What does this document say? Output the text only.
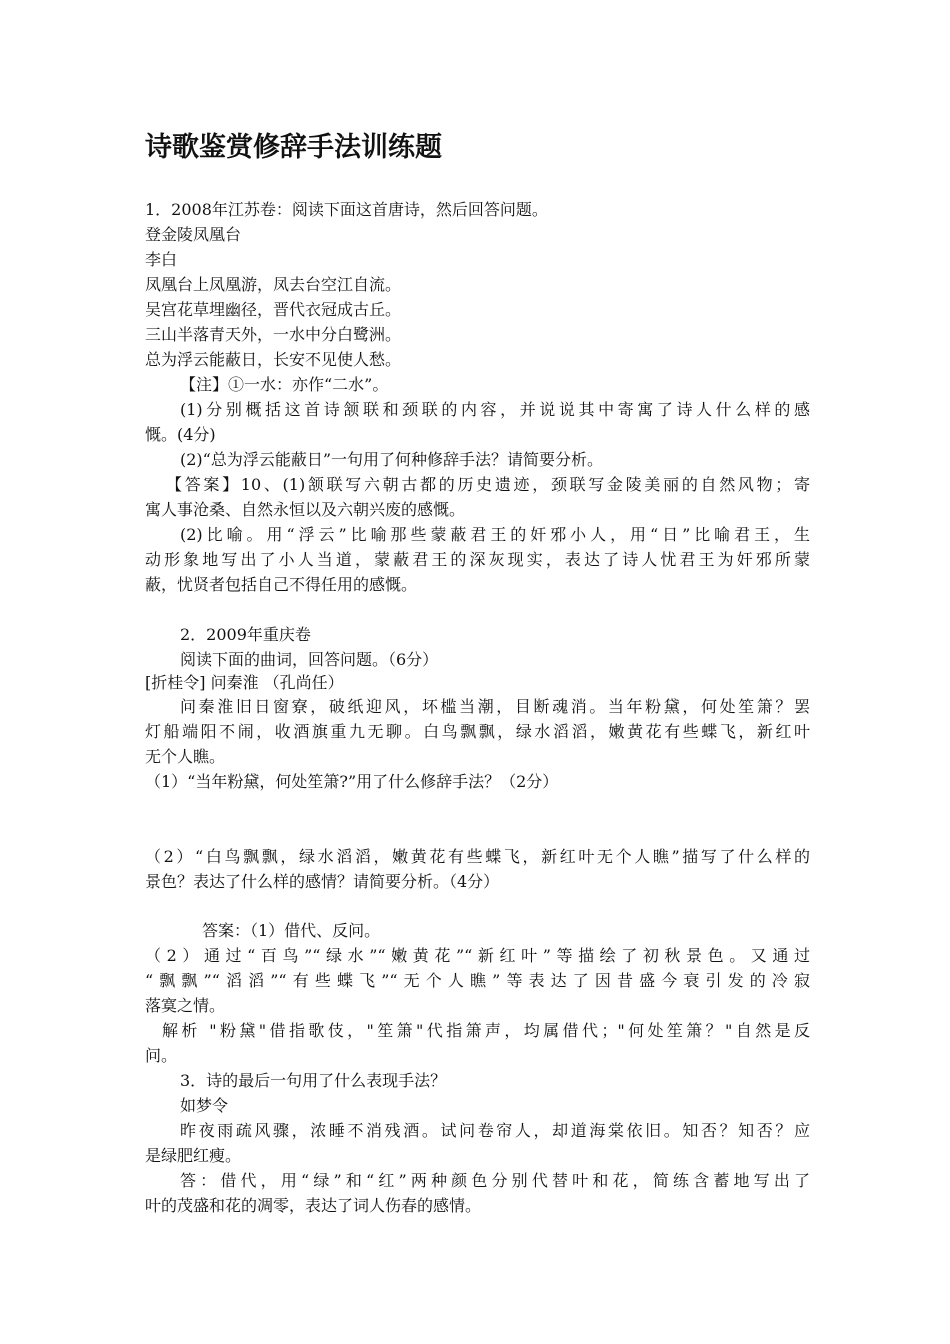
诗歌鉴赏修辞手法训练题
1．2008年江苏卷：阅读下面这首唐诗，然后回答问题。
登金陵凤凰台
李白
凤凰台上凤凰游，凤去台空江自流。
吴宫花草埋幽径，晋代衣冠成古丘。
三山半落青天外，一水中分白鹭洲。
总为浮云能蔽日，长安不见使人愁。
【注】①一水：亦作“二水”。
(1)分别概括这首诗颔联和颈联的内容，并说说其中寄寓了诗人什么样的感
慨。(4分)
(2)“总为浮云能蔽日”一句用了何种修辞手法？请简要分析。
【答案】10、(1)颔联写六朝古都的历史遗迹，颈联写金陵美丽的自然风物；寄
寓人事沧桑、自然永恒以及六朝兴废的感慨。
(2)比喻。用“浮云”比喻那些蒙蔽君王的奸邪小人，用“日”比喻君王，生
动形象地写出了小人当道，蒙蔽君王的深灰现实，表达了诗人忧君王为奸邪所蒙
蔽，忧贤者包括自己不得任用的感慨。
2．2009年重庆卷
阅读下面的曲词，回答问题。（6分）
[折桂令] 问秦淮 （孔尚任）
问秦淮旧日窗寮，破纸迎风，坏槛当潮，目断魂消。当年粉黛，何处笙箫？罢
灯船端阳不闹，收酒旗重九无聊。白鸟飘飘，绿水滔滔，嫩黄花有些蝶飞，新红叶
无个人瞧。
（1）“当年粉黛，何处笙箫?”用了什么修辞手法？（2分）
（2）“白鸟飘飘，绿水滔滔，嫩黄花有些蝶飞，新红叶无个人瞧”描写了什么样的
景色？表达了什么样的感情？请简要分析。（4分）
答案：（1）借代、反问。
（2）通过“百鸟”“绿水”“嫩黄花”“新红叶”等描绘了初秋景色。又通过
“飘飘”“滔滔”“有些蝶飞”“无个人瞧”等表达了因昔盛今衰引发的冷寂
落寞之情。
解析 "粉黛"借指歌伎，"笙箫"代指箫声，均属借代；"何处笙箫？"自然是反
问。
3．诗的最后一句用了什么表现手法？
如梦令
昨夜雨疏风骤，浓睡不消残酒。试问卷帘人，却道海棠依旧。知否？知否？应
是绿肥红瘦。
答：借代，用“绿”和“红”两种颜色分别代替叶和花，简练含蓄地写出了
叶的茂盛和花的凋零，表达了词人伤春的感情。
